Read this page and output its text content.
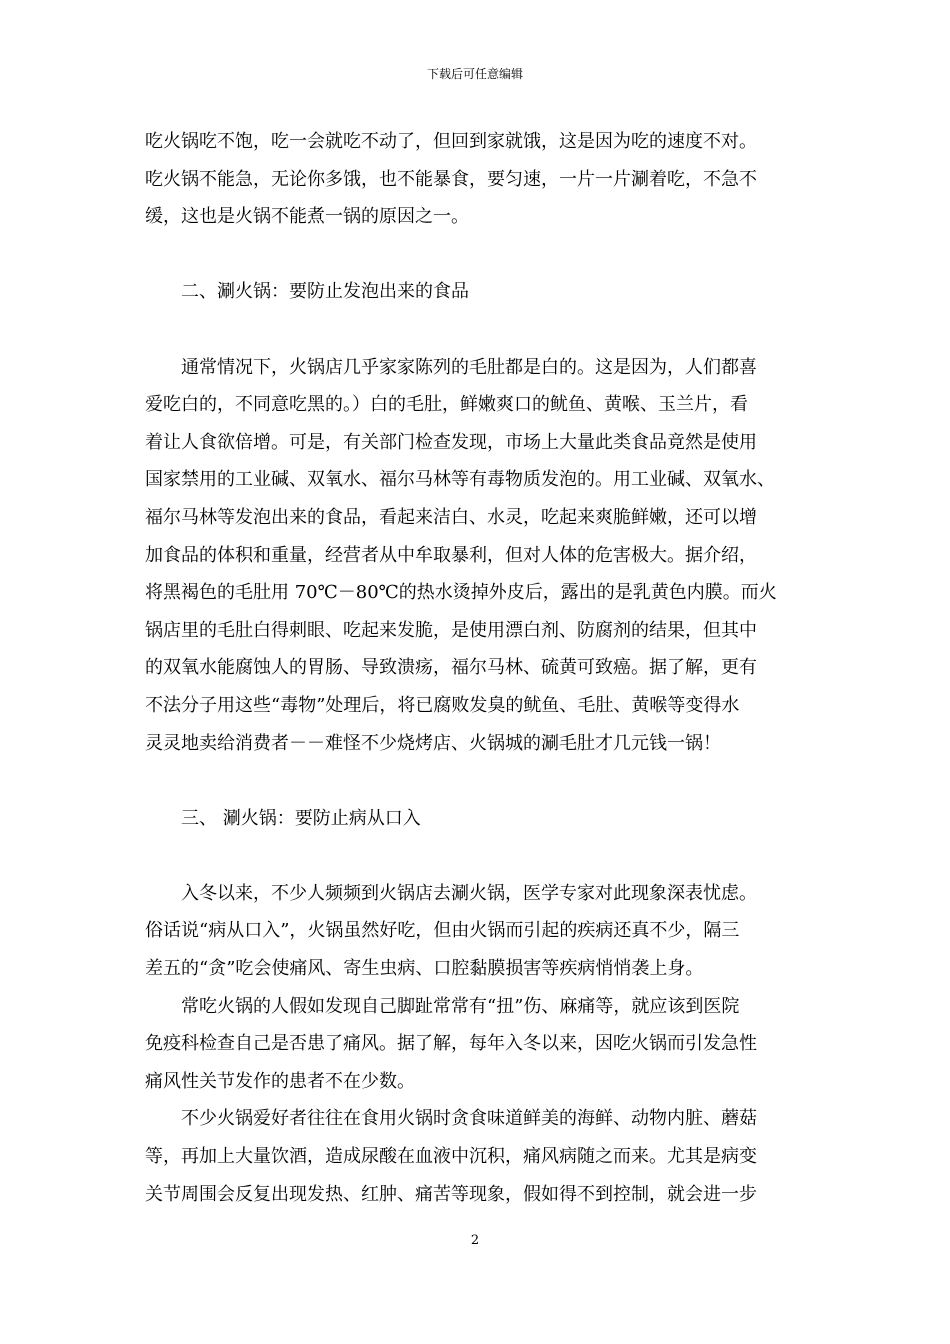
下载后可任意编辑
吃火锅吃不饱，吃一会就吃不动了，但回到家就饿，这是因为吃的速度不对。
吃火锅不能急，无论你多饿，也不能暴食，要匀速，一片一片涮着吃，不急不
缓，这也是火锅不能煮一锅的原因之一。
二、涮火锅：要防止发泡出来的食品
通常情况下，火锅店几乎家家陈列的毛肚都是白的。这是因为，人们都喜
爱吃白的，不同意吃黑的。）白的毛肚，鲜嫩爽口的鱿鱼、黄喉、玉兰片，看
着让人食欲倍增。可是，有关部门检查发现，市场上大量此类食品竟然是使用
国家禁用的工业碱、双氧水、福尔马林等有毒物质发泡的。用工业碱、双氧水、
福尔马林等发泡出来的食品，看起来洁白、水灵，吃起来爽脆鲜嫩，还可以增
加食品的体积和重量，经营者从中牟取暴利，但对人体的危害极大。据介绍，
将黑褐色的毛肚用 70℃－80℃的热水烫掉外皮后，露出的是乳黄色内膜。而火
锅店里的毛肚白得刺眼、吃起来发脆，是使用漂白剂、防腐剂的结果，但其中
的双氧水能腐蚀人的胃肠、导致溃疡，福尔马林、硫黄可致癌。据了解，更有
不法分子用这些“毒物”处理后，将已腐败发臭的鱿鱼、毛肚、黄喉等变得水
灵灵地卖给消费者－－难怪不少烧烤店、火锅城的涮毛肚才几元钱一锅！
三、 涮火锅：要防止病从口入
入冬以来，不少人频频到火锅店去涮火锅，医学专家对此现象深表忧虑。
俗话说“病从口入”，火锅虽然好吃，但由火锅而引起的疾病还真不少，隔三
差五的“贪”吃会使痛风、寄生虫病、口腔黏膜损害等疾病悄悄袭上身。
常吃火锅的人假如发现自己脚趾常常有“扭”伤、麻痛等，就应该到医院
免疫科检查自己是否患了痛风。据了解，每年入冬以来，因吃火锅而引发急性
痛风性关节发作的患者不在少数。
不少火锅爱好者往往在食用火锅时贪食味道鲜美的海鲜、动物内脏、蘑菇
等，再加上大量饮酒，造成尿酸在血液中沉积，痛风病随之而来。尤其是病变
关节周围会反复出现发热、红肿、痛苦等现象，假如得不到控制，就会进一步
2
